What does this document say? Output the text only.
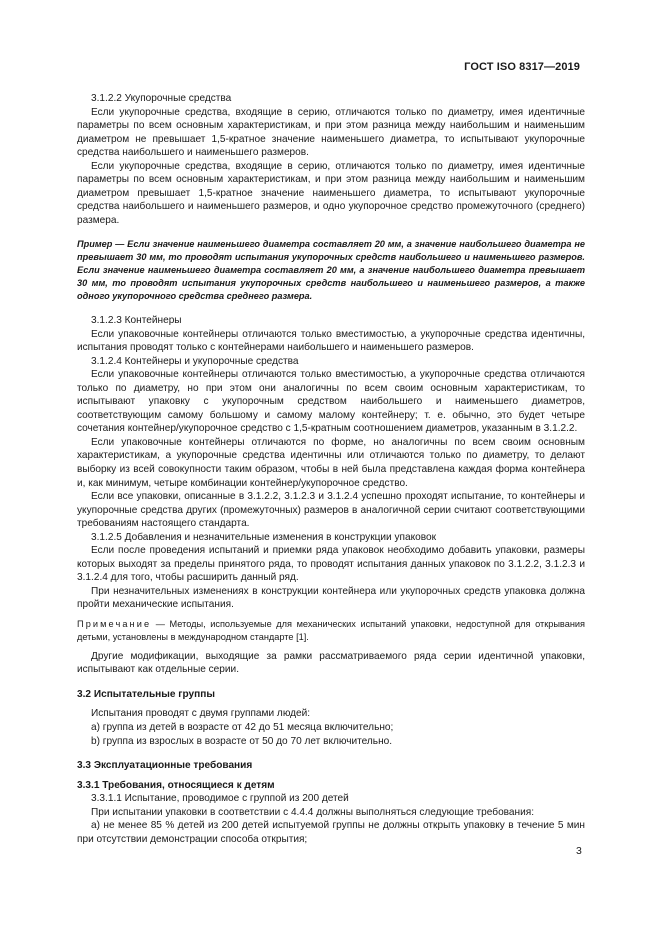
ГОСТ ISO 8317—2019

3.1.2.2 Укупорочные средства

Если укупорочные средства, входящие в серию, отличаются только по диаметру, имея идентичные параметры по всем основным характеристикам, и при этом разница между наибольшим и наименьшим диаметром не превышает 1,5-кратное значение наименьшего диаметра, то испытывают укупорочные средства наибольшего и наименьшего размеров.

Если укупорочные средства, входящие в серию, отличаются только по диаметру, имея идентичные параметры по всем основным характеристикам, и при этом разница между наибольшим и наименьшим диаметром превышает 1,5-кратное значение наименьшего диаметра, то испытывают укупорочные средства наибольшего и наименьшего размеров, и одно укупорочное средство промежуточного (среднего) размера.

Пример — Если значение наименьшего диаметра составляет 20 мм, а значение наибольшего диаметра не превышает 30 мм, то проводят испытания укупорочных средств наибольшего и наименьшего размеров. Если значение наименьшего диаметра составляет 20 мм, а значение наибольшего диаметра превышает 30 мм, то проводят испытания укупорочных средств наибольшего и наименьшего размеров, а также одного укупорочного средства среднего размера.

3.1.2.3 Контейнеры

Если упаковочные контейнеры отличаются только вместимостью, а укупорочные средства идентичны, испытания проводят только с контейнерами наибольшего и наименьшего размеров.

3.1.2.4 Контейнеры и укупорочные средства

Если упаковочные контейнеры отличаются только вместимостью, а укупорочные средства отличаются только по диаметру, но при этом они аналогичны по всем своим основным характеристикам, то испытывают упаковку с укупорочным средством наибольшего и наименьшего диаметров, соответствующим самому большому и самому малому контейнеру; т. е. обычно, это будет четыре сочетания контейнер/укупорочное средство с 1,5-кратным соотношением диаметров, указанным в 3.1.2.2.

Если упаковочные контейнеры отличаются по форме, но аналогичны по всем своим основным характеристикам, а укупорочные средства идентичны или отличаются только по диаметру, то делают выборку из всей совокупности таким образом, чтобы в ней была представлена каждая форма контейнера и, как минимум, четыре комбинации контейнер/укупорочное средство.

Если все упаковки, описанные в 3.1.2.2, 3.1.2.3 и 3.1.2.4 успешно проходят испытание, то контейнеры и укупорочные средства других (промежуточных) размеров в аналогичной серии считают соответствующими требованиям настоящего стандарта.

3.1.2.5 Добавления и незначительные изменения в конструкции упаковок

Если после проведения испытаний и приемки ряда упаковок необходимо добавить упаковки, размеры которых выходят за пределы принятого ряда, то проводят испытания данных упаковок по 3.1.2.2, 3.1.2.3 и 3.1.2.4 для того, чтобы расширить данный ряд.

При незначительных изменениях в конструкции контейнера или укупорочных средств упаковка должна пройти механические испытания.

Примечание — Методы, используемые для механических испытаний упаковки, недоступной для открывания детьми, установлены в международном стандарте [1].

Другие модификации, выходящие за рамки рассматриваемого ряда серии идентичной упаковки, испытывают как отдельные серии.

3.2 Испытательные группы

Испытания проводят с двумя группами людей:

a) группа из детей в возрасте от 42 до 51 месяца включительно;

b) группа из взрослых в возрасте от 50 до 70 лет включительно.

3.3 Эксплуатационные требования

3.3.1 Требования, относящиеся к детям

3.3.1.1 Испытание, проводимое с группой из 200 детей

При испытании упаковки в соответствии с 4.4.4 должны выполняться следующие требования:

a) не менее 85 % детей из 200 детей испытуемой группы не должны открыть упаковку в течение 5 мин при отсутствии демонстрации способа открытия;

3
